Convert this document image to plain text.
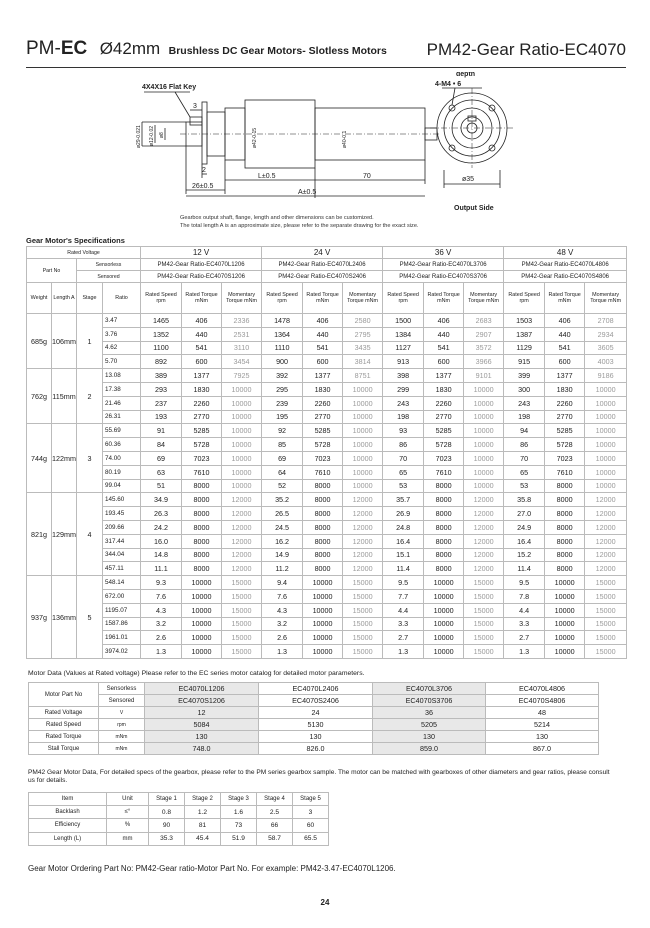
PM-EC Ø42mm Brushless DC Gear Motors- Slotless Motors PM42-Gear Ratio-EC4070
4X4X16 Flat Key
3
2
26±0.5
L±0.5	70
A±0.5
depth
4-M4 • 6
ø35
Output Side
ø29-0.021 ø12-0.02 ø8	ø42-0.15	ø40-0.1
Gearbox output shaft, flange, length and other dimensions can be customized.
The total length A is an approximate size, please refer to the separate drawing for the exact size.
Gear Motor's Specifications
Rated Voltage				12 V			24 V			36 V			48 V		
Part No		Sensorless		PM42-Gear Ratio-EC4070L1206			PM42-Gear Ratio-EC4070L2406			PM42-Gear Ratio-EC4070L3706			PM42-Gear Ratio-EC4070L4806		
		Sensored		PM42-Gear Ratio-EC4070S1206			PM42-Gear Ratio-EC4070S2406			PM42-Gear Ratio-EC4070S3706			PM42-Gear Ratio-EC4070S4806		
Weight	Length A	Stage	Ratio	Rated Speed rpm	Rated Torque mNm	Momentary Torque mNm	Rated Speed rpm	Rated Torque mNm	Momentary Torque mNm	Rated Speed rpm	Rated Torque mNm	Momentary Torque mNm	Rated Speed rpm	Rated Torque mNm	Momentary Torque mNm
685g	106mm	1	3.47	1465	406	2336	1478	406	2580	1500	406	2683	1503	406	2708
			3.76	1352	440	2531	1364	440	2795	1384	440	2907	1387	440	2934
			4.62	1100	541	3110	1110	541	3435	1127	541	3572	1129	541	3605
			5.70	892	600	3454	900	600	3814	913	600	3966	915	600	4003
762g	115mm	2	13.08	389	1377	7925	392	1377	8751	398	1377	9101	399	1377	9186
			17.38	293	1830	10000	295	1830	10000	299	1830	10000	300	1830	10000
			21.46	237	2260	10000	239	2260	10000	243	2260	10000	243	2260	10000
			26.31	193	2770	10000	195	2770	10000	198	2770	10000	198	2770	10000
744g	122mm	3	55.69	91	5285	10000	92	5285	10000	93	5285	10000	94	5285	10000
			60.36	84	5728	10000	85	5728	10000	86	5728	10000	86	5728	10000
			74.00	69	7023	10000	69	7023	10000	70	7023	10000	70	7023	10000
			80.19	63	7610	10000	64	7610	10000	65	7610	10000	65	7610	10000
			99.04	51	8000	10000	52	8000	10000	53	8000	10000	53	8000	10000
821g	129mm	4	145.60	34.9	8000	12000	35.2	8000	12000	35.7	8000	12000	35.8	8000	12000
			193.45	26.3	8000	12000	26.5	8000	12000	26.9	8000	12000	27.0	8000	12000
			209.66	24.2	8000	12000	24.5	8000	12000	24.8	8000	12000	24.9	8000	12000
			317.44	16.0	8000	12000	16.2	8000	12000	16.4	8000	12000	16.4	8000	12000
			344.04	14.8	8000	12000	14.9	8000	12000	15.1	8000	12000	15.2	8000	12000
			457.11	11.1	8000	12000	11.2	8000	12000	11.4	8000	12000	11.4	8000	12000
937g	136mm	5	548.14	9.3	10000	15000	9.4	10000	15000	9.5	10000	15000	9.5	10000	15000
			672.00	7.6	10000	15000	7.6	10000	15000	7.7	10000	15000	7.8	10000	15000
			1195.07	4.3	10000	15000	4.3	10000	15000	4.4	10000	15000	4.4	10000	15000
			1587.86	3.2	10000	15000	3.2	10000	15000	3.3	10000	15000	3.3	10000	15000
			1961.01	2.6	10000	15000	2.6	10000	15000	2.7	10000	15000	2.7	10000	15000
			3974.02	1.3	10000	15000	1.3	10000	15000	1.3	10000	15000	1.3	10000	15000
Motor Data (Values at Rated voltage) Please refer to the EC series motor catalog for detailed motor parameters.
Motor Part No	Sensorless	EC4070L1206	EC4070L2406	EC4070L3706	EC4070L4806
	Sensored	EC4070S1206	EC4070S2406	EC4070S3706	EC4070S4806
Rated Voltage	V	12	24	36	48
Rated Speed	rpm	5084	5130	5205	5214
Rated Torque	mNm	130	130	130	130
Stall Torque	mNm	748.0	826.0	859.0	867.0
PM42 Gear Motor Data, For detailed specs of the gearbox, please refer to the PM series gearbox sample. The motor can be matched with gearboxes of other diameters and gear ratios, please consult us for details.
Item	Unit	Stage 1	Stage 2	Stage 3	Stage 4	Stage 5
Backlash	≤°	0.8	1.2	1.6	2.5	3
Efficiency	%	90	81	73	66	60
Length (L)	mm	35.3	45.4	51.9	58.7	65.5
Gear Motor Ordering Part No: PM42-Gear ratio-Motor Part No. For example: PM42-3.47-EC4070L1206.
24
